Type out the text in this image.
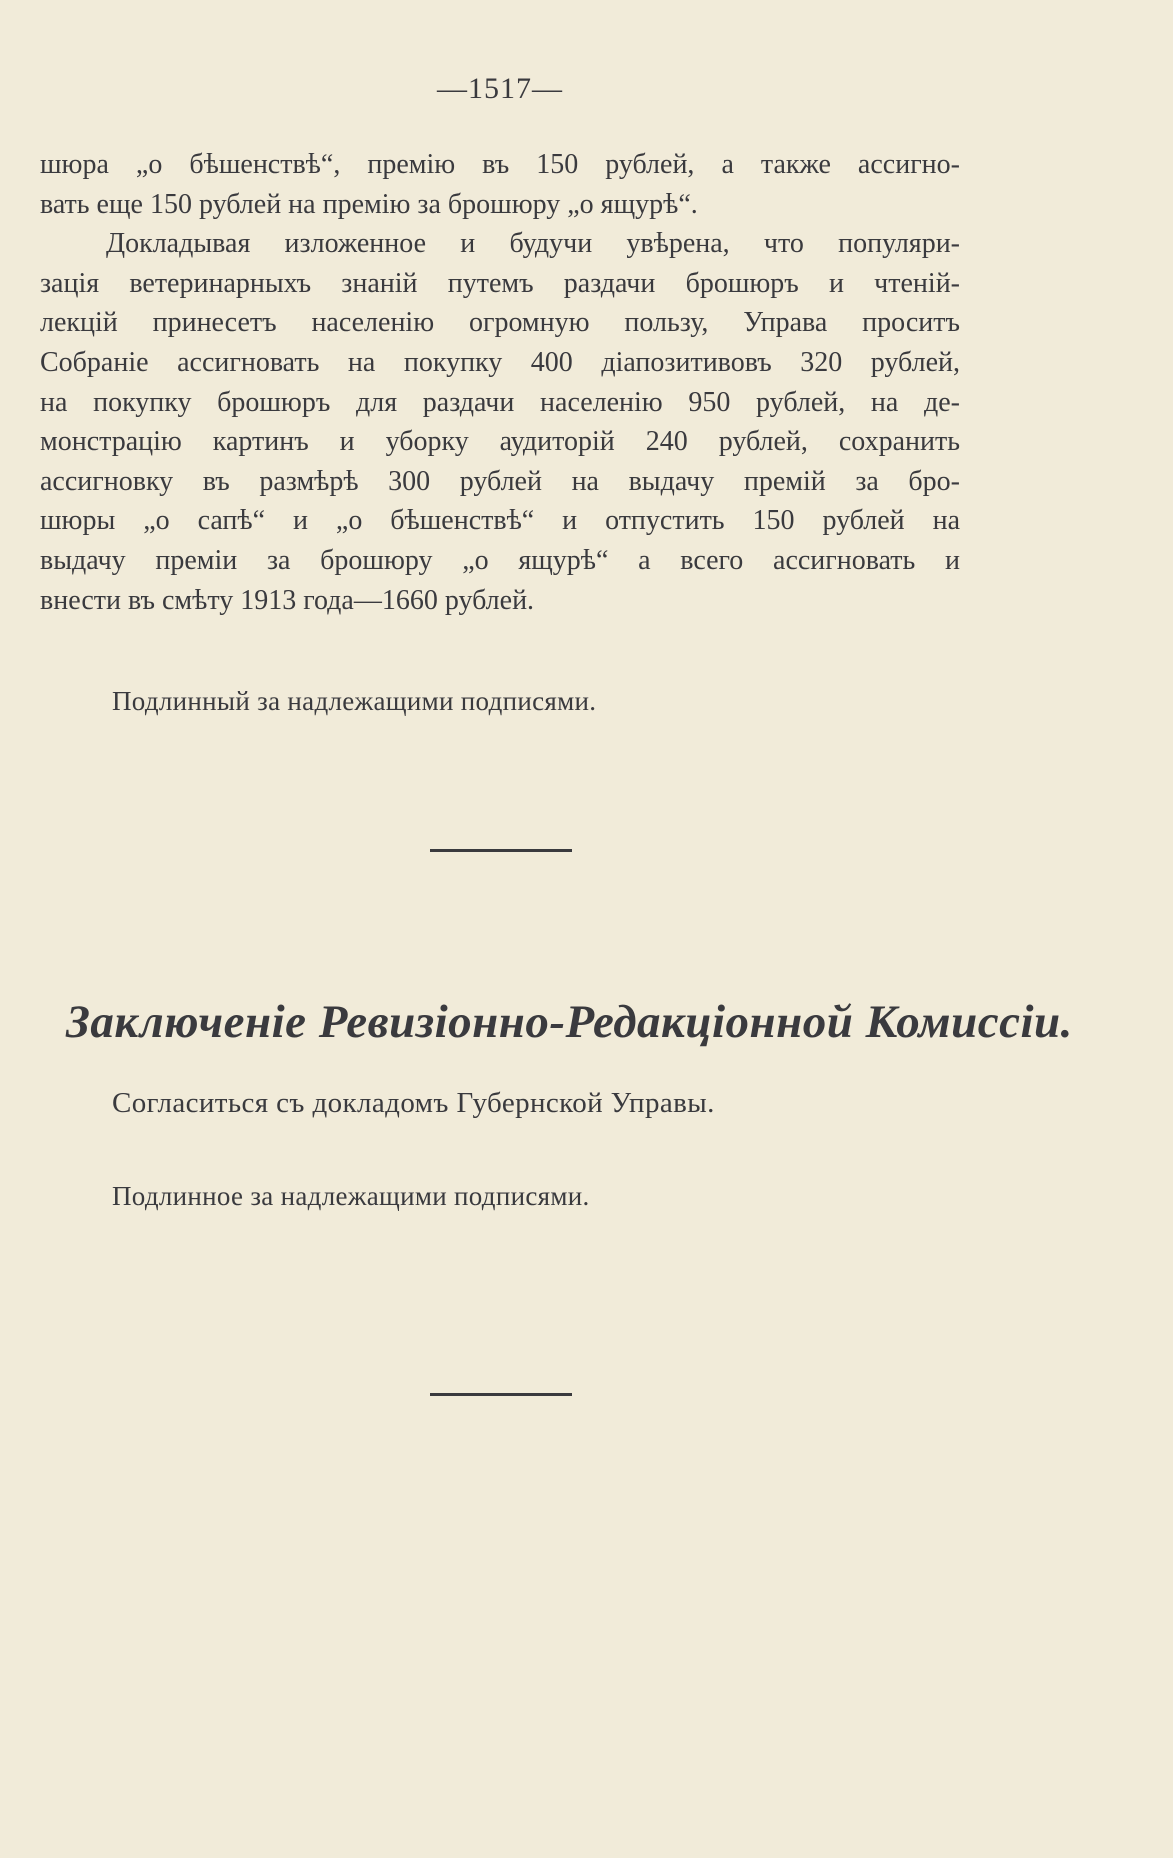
—1517—
шюра „о бѣшенствѣ“, премію въ 150 рублей, а также ассигно-
вать еще 150 рублей на премію за брошюру „о ящурѣ“.
Докладывая изложенное и будучи увѣрена, что популяри-
зація ветеринарныхъ знаній путемъ раздачи брошюръ и чтеній-
лекцій принесетъ населенію огромную пользу, Управа проситъ
Собраніе ассигновать на покупку 400 діапозитивовъ 320 рублей,
на покупку брошюръ для раздачи населенію 950 рублей, на де-
монстрацію картинъ и уборку аудиторій 240 рублей, сохранить
ассигновку въ размѣрѣ 300 рублей на выдачу премій за бро-
шюры „о сапѣ“ и „о бѣшенствѣ“ и отпустить 150 рублей на
выдачу преміи за брошюру „о ящурѣ“ а всего ассигновать и
внести въ смѣту 1913 года—1660 рублей.
Подлинный за надлежащими подписями.
Заключеніе Ревизіонно-Редакціонной Комиссіи.
Согласиться съ докладомъ Губернской Управы.
Подлинное за надлежащими подписями.
